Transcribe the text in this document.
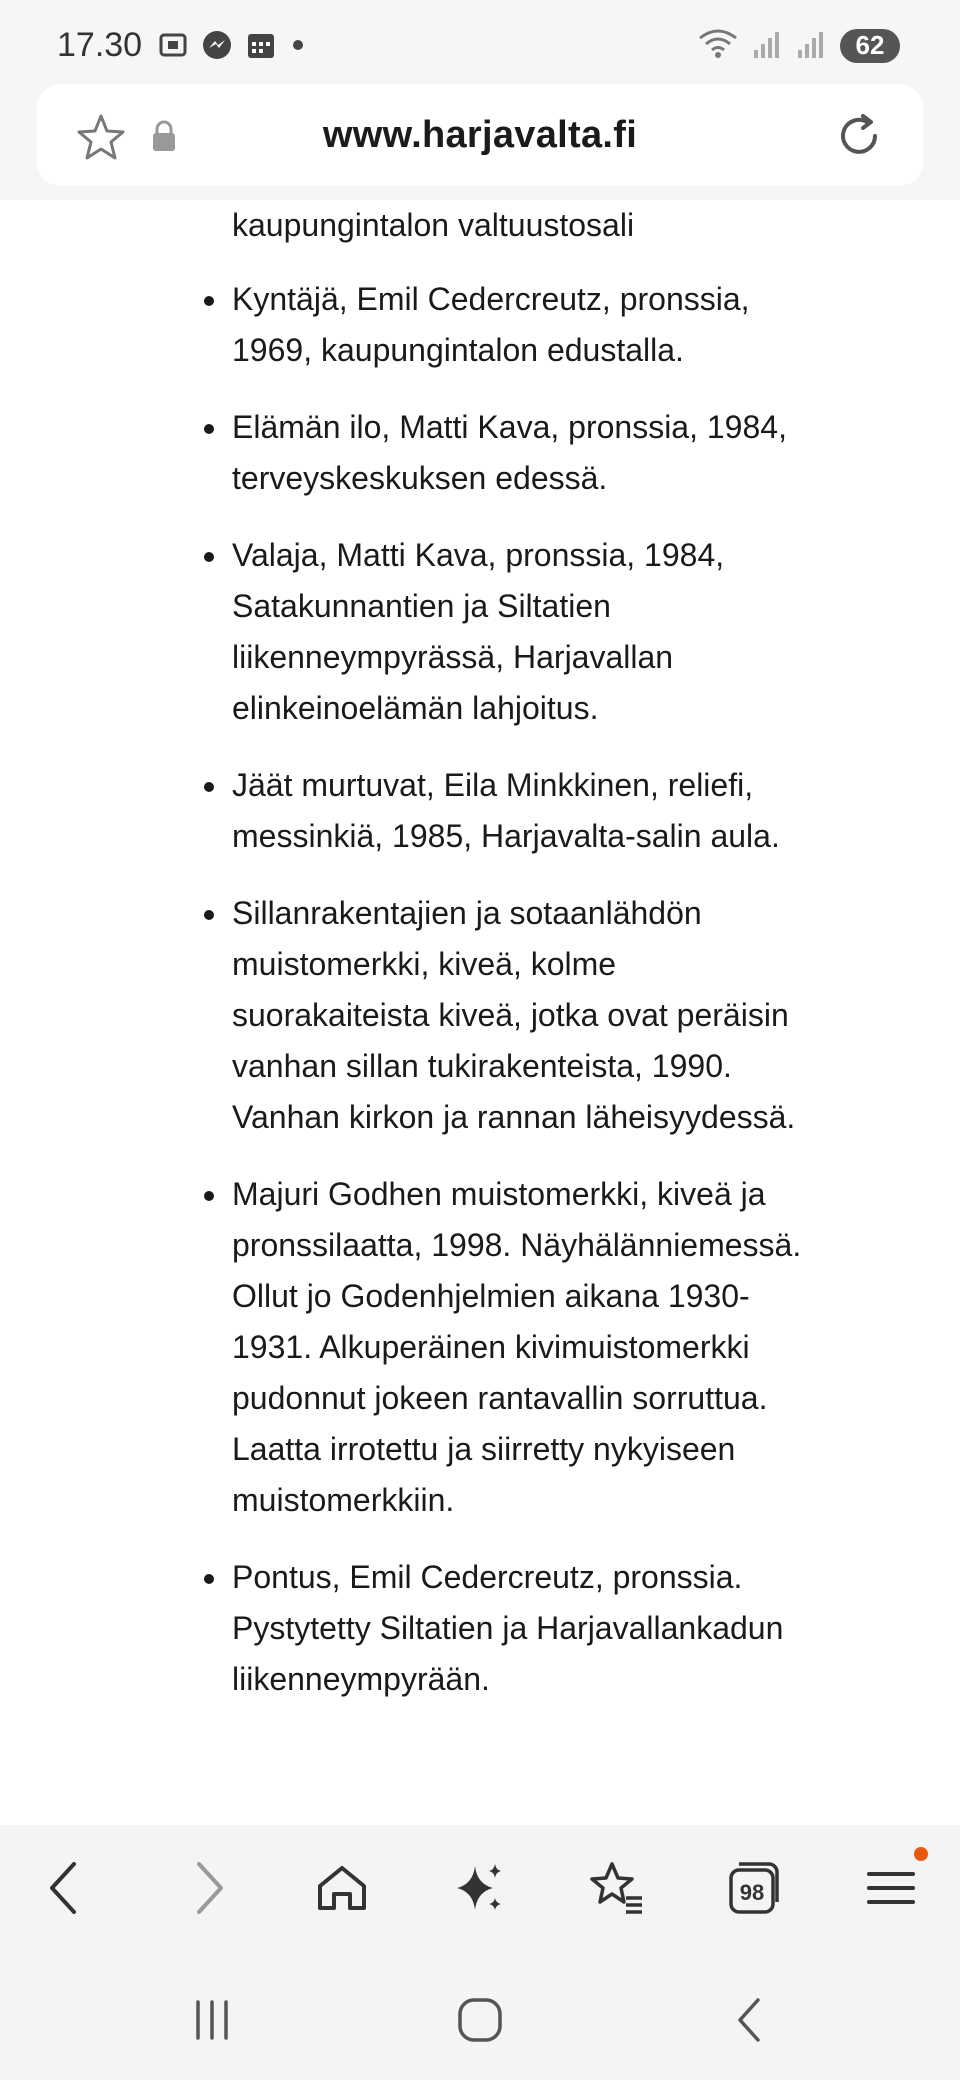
17.30	62
www.harjavalta.fi
kaupungintalon valtuustosali
Kyntäjä, Emil Cedercreutz, pronssia, 1969, kaupungintalon edustalla.
Elämän ilo, Matti Kava, pronssia, 1984, terveyskeskuksen edessä.
Valaja, Matti Kava, pronssia, 1984, Satakunnantien ja Siltatien liikenneympyrässä, Harjavallan elinkeinoelämän lahjoitus.
Jäät murtuvat, Eila Minkkinen, reliefi, messinkiä, 1985, Harjavalta-salin aula.
Sillanrakentajien ja sotaanlähdön muistomerkki, kiveä, kolme suorakaiteista kiveä, jotka ovat peräisin vanhan sillan tukirakenteista, 1990. Vanhan kirkon ja rannan läheisyydessä.
Majuri Godhen muistomerkki, kiveä ja pronssilaatta, 1998. Näyhälänniemessä. Ollut jo Godenhjelmien aikana 1930-1931. Alkuperäinen kivimuistomerkki pudonnut jokeen rantavallin sorruttua. Laatta irrotettu ja siirretty nykyiseen muistomerkkiin.
Pontus, Emil Cedercreutz, pronssia. Pystytetty Siltatien ja Harjavallankadun liikenneympyrään.
98
